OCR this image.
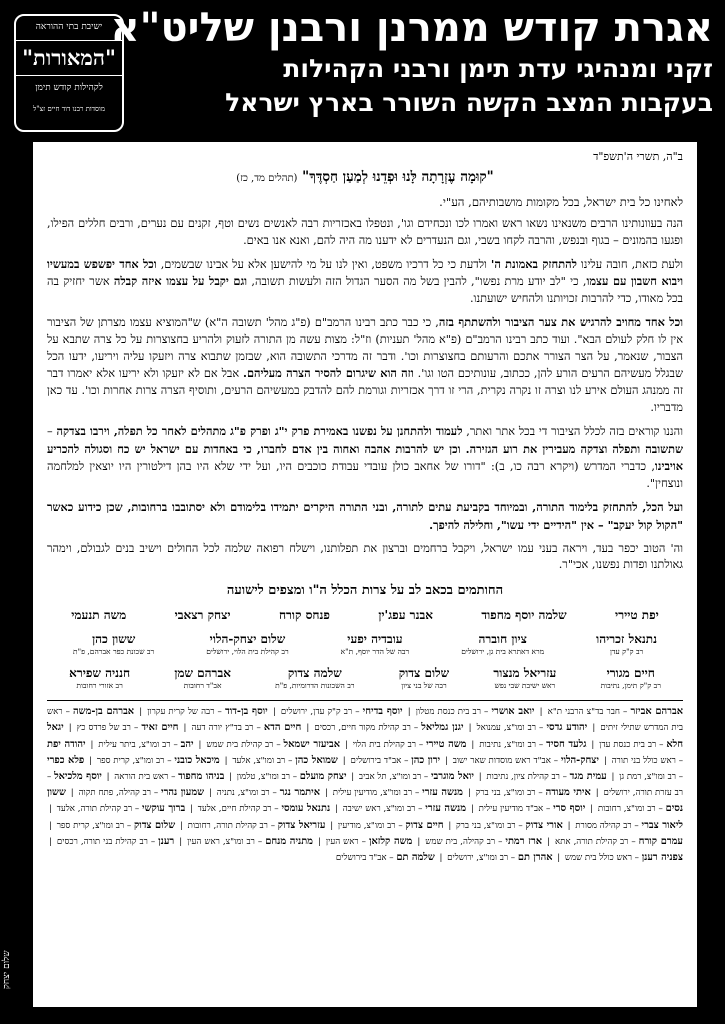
ישיבת בתי ההוראה
"המאורות"
לקהילות קודש תימן
מוסדות רבנו דוד חיים זצ"ל
אגרת קודש ממרנן ורבנן שליט"א
זקני ומנהיגי עדת תימן ורבני הקהילות
בעקבות המצב הקשה השורר בארץ ישראל
ב"ה, תשרי ה'תשפ"ד
"קוּמָה עֶזְרָתָה לָּנוּ וּפְדֵנוּ לְמַעַן חַסְדֶּךָ" (תהלים מד, כז)
לאחינו כל בית ישראל, בכל מקומות מושבותיהם, הע"י.

הנה בעוונותינו הרבים משנאינו נשאו ראש ואמרו לכו ונכחידם וגו', ונטפלו באכזריות רבה לאנשים נשים וטף, זקנים עם נערים, ורבים חללים הפילו, ופגעו בהמונים – בגוף ובנפש, והרבה לקחו בשבי, וגם הנעדרים לא ידענו מה היה להם, ואנא אנו באים.

ולעת כזאת, חובה עלינו להתחזק באמונת ה' ולדעת כי כל דרכיו משפט, ואין לנו על מי להישען אלא על אבינו שבשמים, וכל אחד יפשפש במעשיו ויבוא חשבון עם עצמו, כי "לב יודע מרת נפשו", להבין בשל מה הסער הגדול הזה ולעשות תשובה, וגם יקבל על עצמו איזה קבלה אשר יחזיק בה בכל מאודו, כדי להרבות זכויותנו ולהחיש ישועתנו.

וכל אחד מחויב להרגיש את צער הציבור ולהשתתף בזה, כי כבר כתב רבינו הרמב"ם (פ"ג מהל' תשובה ה"א) ש"המוציא עצמו מצרתן של הציבור אין לו חלק לעולם הבא". ועוד כתב רבינו הרמב"ם (פ"א מהל' תעניות) וז"ל: מצות עשה מן התורה לזעוק ולהריע בחצוצרות על כל צרה שתבא על הצבור, שנאמר, על הצר הצורר אתכם והרעותם בחצוצרות וכו'. ודבר זה מדרכי התשובה הוא, שבזמן שתבוא צרה ויזעקו עליה ויריעו, ידעו הכל שבגלל מעשיהם הרעים הורע להן, ככתוב, עונותיכם הטו וגו'. וזה הוא שיגרום להסיר הצרה מעליהם. אבל אם לא יזעקו ולא יריעו אלא יאמרו דבר זה ממנהג העולם אירע לנו וצרה זו נקרה נקרית, הרי זו דרך אכזריות וגורמת להם להדבק במעשיהם הרעים, ותוסיף הצרה צרות אחרות וכו'. עד כאן מדבריו.

והננו קוראים בזה לכלל הציבור די בכל אתר ואתר, לעמוד ולהתחנן על נפשנו באמירת פרק י"ג ופרק פ"ג מתהלים לאחר כל תפלה, וירבו בצדקה – שתשובה ותפלה וצדקה מעבירין את רוע הגזירה. וכן יש להרבות אהבה ואחוה בין אדם לחברו, כי באחדות עם ישראל יש כח וסגולה להכריע אויבינו, כדברי המדרש (ויקרא רבה כו, ב): "דורו של אחאב כולן עובדי עבודת כוכבים היו, ועל ידי שלא היו בהן דילטורין היו יוצאין למלחמה ונוצחין".

ועל הכל, להתחזק בלימוד התורה, ובמיוחד בקביעת עתים לתורה, ובני התורה היקרים יתמידו בלימודם ולא יסתובבו ברחובות, שכן כידוע כאשר "הקול קול יעקב" – אין "הידיים ידי עשו", וחלילה להיפך.

וה' הטוב יכפר בעד, ויראה בעני עמו ישראל, ויקבל ברחמים וברצון את תפלותנו, וישלח רפואה שלמה לכל החולים וישיב בנים לגבולם, וימהר גאולתנו ופדות נפשנו, אכי"ר.

החותמים בכאב לב על צרות הכלל ה"ו ומצפים לישועה
יפת טיירי
שלמה יוסף מחפוד
אבנר עפג'ין
פנחס קורח
יצחק רצאבי
משה תנעמי
נתנאל זכריהו
רב ק"ק עדן
ציון חוברה
מרא דאתרא בית גן, ירושלים
עובדיה יפעי
רבה של הדר יוסף, ת"א
שלום יצחק-הלוי
רב קהילת בית הלוי, ירושלים
ששון כהן
רב שכונת כפר אברהם, פ"ת
חיים מגורי
רב ק"ק תימן, נתיבות
עזריאל מנצור
ראש ישיבת שבי נפש
שלום צדוק
רבה של בני ציון
שלמה צדוק
רב השכונות הדרומיות, פ"ת
אברהם שמן
אב"ד רחובות
חנניה שפירא
רב אזורי רחובות
אברהם אביזר – חבר בד"צ הרבני ת"א | יואב אושרי – רב בית כנסת מטלון | יוסף בדיחי – רב ק"ק עדן, ירושלים | יוסף בן-דוד – רבה של קרית עקרון | אברהם בן-משה – ראש בית המדרש שתילי זיתים | יהודע גדסי – רב ומו"צ, עמנואל | יגנן גמליאל – רב קהילת מקור חיים, רכסים | חיים הדא – רב בד"ץ יורה דעה | חיים זאיד – רב של פרדס כץ | יגאל חלא – רב בית כנסת עדן | גלעד חסיד – רב ומו"צ, נתיבות | משה טיירי – רב קהילת בית הלוי | אביעזר ישמאל – רב קהילת בית שמש | יהב – רב ומו"צ, ביתר עילית | יהודה יפת – ראש כולל בני תורה | יצחק-הלוי – אב"ד ראש מוסדות שאר ישוב | ירון כהן – אב"ד בירושלים | שמואל כהן – רב ומו"צ, אלעד | מיכאל כובני – רב ומו"צ, קרית ספר | פלא כפרי – רב ומו"צ, רמת גן | עמית מגד – רב קהילת ציון, נתיבות | יואל מוגרבי – רב ומו"צ, תל אביב | יצחק מועלם – רב ומו"צ, טלמון | בניהו מחפוד – ראש בית הוראה | יוסף מלכיאל – רב עזרת תורה, ירושלים | איתי מעודה – רב ומו"צ, בני ברק | מנשה עזרי – רב ומו"צ, מודיעין עילית | איתמר נגר – רב ומו"צ, נתניה | שמעון נהרי – רב קהילה, פתח תקוה | ששון נסים – רב ומו"צ, רחובות | יוסף סרי – אב"ד מודיעין עילית | מנשה עזרי – רב ומו"צ, ראש ישיבה | נתנאל עומסי – רב קהילת חיים, אלעד | ברוך עוקשי – רב קהילת תורה, אלעד | ליאור צברי – רב קהילה מסורת | אורי צדוק – רב ומו"צ, בני ברק | חיים צדוק – רב ומו"צ, מודיעין | עזריאל צדוק – רב קהילת תורה, רחובות | שלום צדוק – רב ומו"צ, קרית ספר | עמרם קורח – רב קהילת תורה, אתא | ארז רמתי – רב קהילה, בית שמש | משה קלזאן – ראש העין | מתניה מנחם – רב ומו"צ, ראש העין | רענן – רב קהילת בני תורה, רכסים | צפניה רענן – ראש כולל בית שמש | אהרן תם – רב ומו"צ, ירושלים | שלמה תם – אב"ד בירושלים
שלום יצחק
